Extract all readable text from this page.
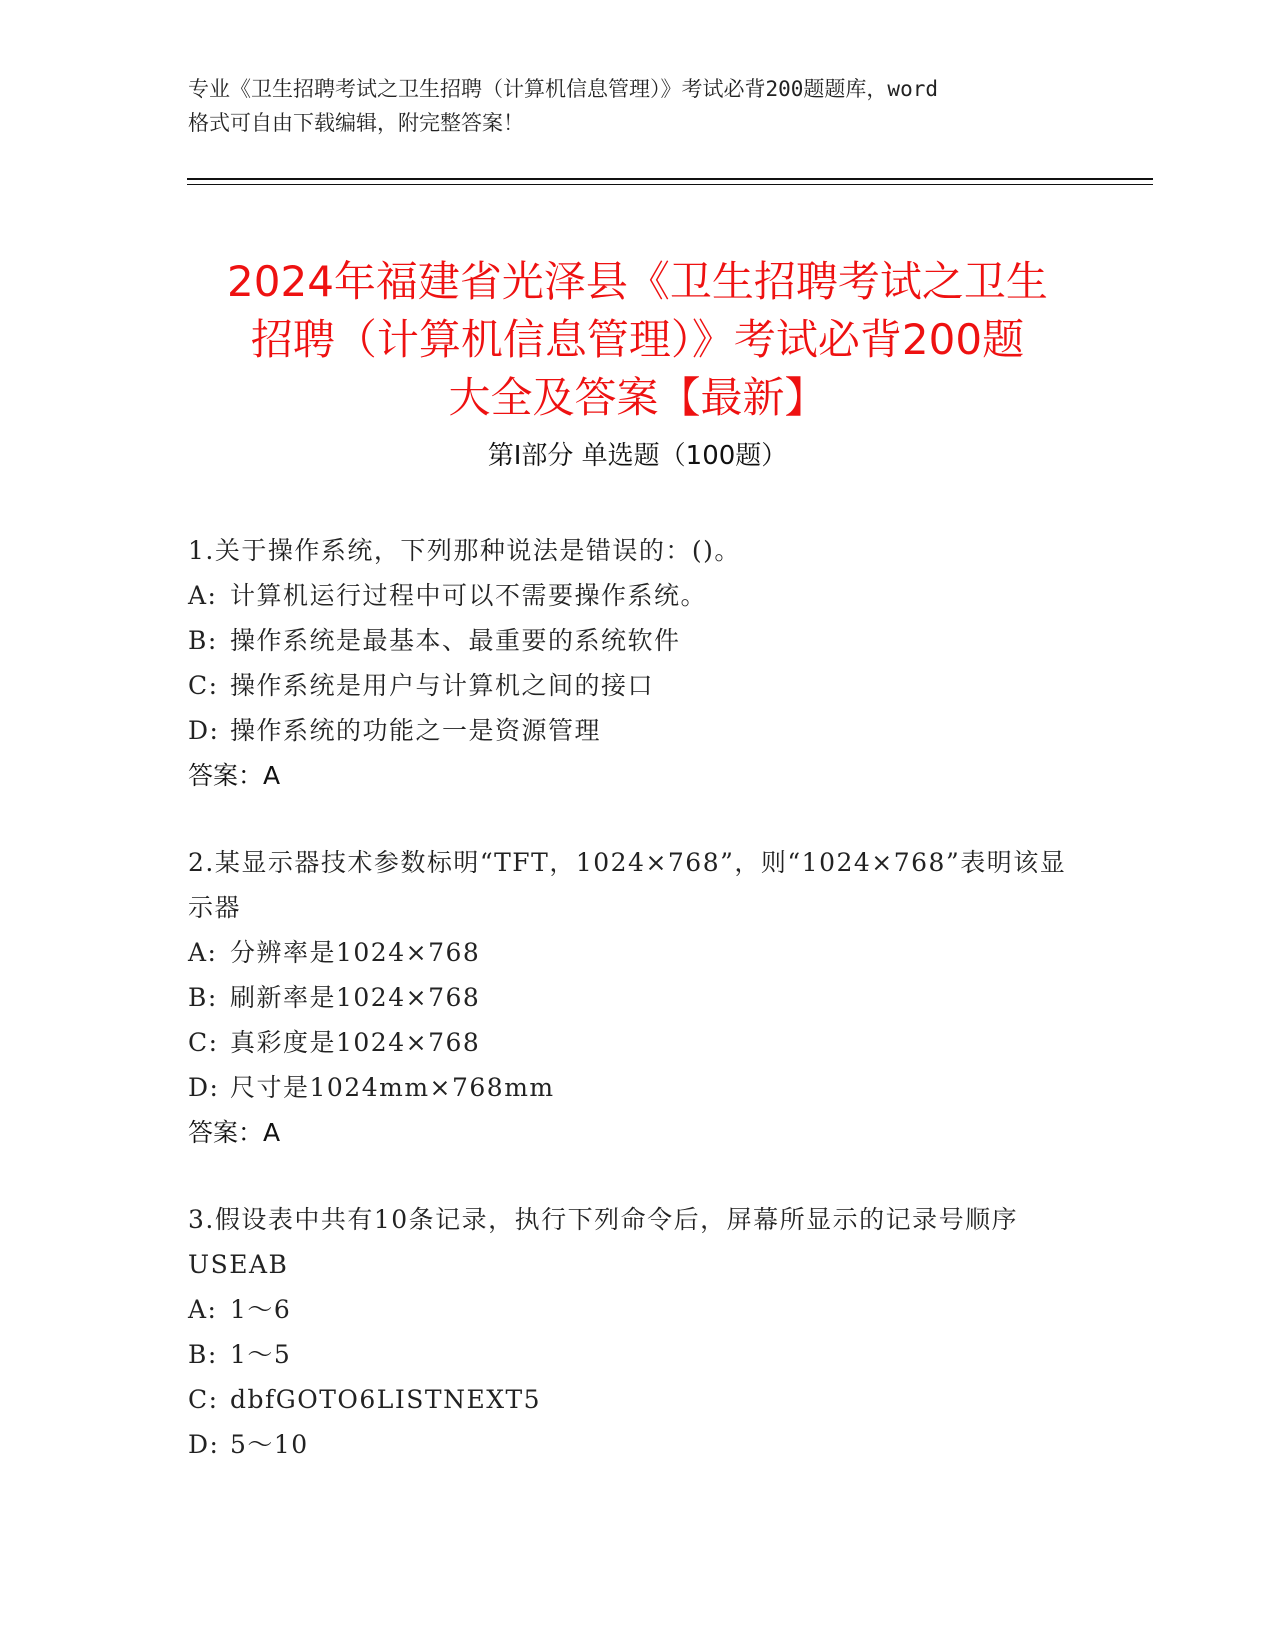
专业《卫生招聘考试之卫生招聘（计算机信息管理）》考试必背200题题库，word
格式可自由下载编辑，附完整答案！
2024年福建省光泽县《卫生招聘考试之卫生
招聘（计算机信息管理）》考试必背200题
大全及答案【最新】
第I部分 单选题（100题）

1.关于操作系统，下列那种说法是错误的：()。

A: 计算机运行过程中可以不需要操作系统。
B: 操作系统是最基本、最重要的系统软件
C: 操作系统是用户与计算机之间的接口
D: 操作系统的功能之一是资源管理
答案：A

2.某显示器技术参数标明“TFT，1024×768”，则“1024×768”表明该显示器

A: 分辨率是1024×768
B: 刷新率是1024×768
C: 真彩度是1024×768
D: 尺寸是1024mm×768mm
答案：A

3.假设表中共有10条记录，执行下列命令后，屏幕所显示的记录号顺序USEAB

A: 1～6
B: 1～5
C: dbfGOTO6LISTNEXT5
D: 5～10
